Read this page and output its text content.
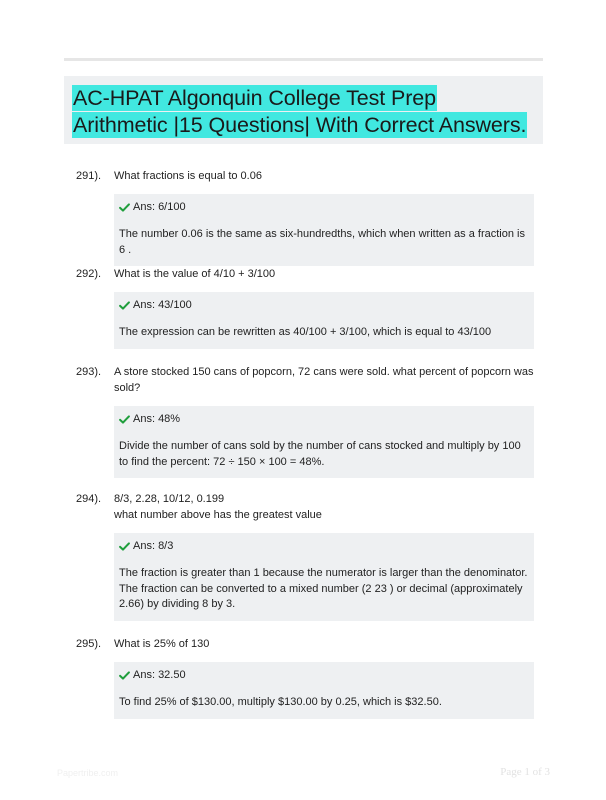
AC-HPAT Algonquin College Test Prep Arithmetic |15 Questions| With Correct Answers.
291). What fractions is equal to 0.06
Ans: 6/100
The number 0.06 is the same as six-hundredths, which when written as a fraction is 6 .
292). What is the value of 4/10 + 3/100
Ans: 43/100
The expression can be rewritten as 40/100 + 3/100, which is equal to 43/100
293). A store stocked 150 cans of popcorn, 72 cans were sold. what percent of popcorn was sold?
Ans: 48%
Divide the number of cans sold by the number of cans stocked and multiply by 100 to find the percent: 72 ÷ 150 × 100 = 48%.
294). 8/3, 2.28, 10/12, 0.199
what number above has the greatest value
Ans: 8/3
The fraction is greater than 1 because the numerator is larger than the denominator. The fraction can be converted to a mixed number (2 23 ) or decimal (approximately 2.66) by dividing 8 by 3.
295). What is 25% of 130
Ans: 32.50
To find 25% of $130.00, multiply $130.00 by 0.25, which is $32.50.
Papertribe.com	Page 1 of 3
